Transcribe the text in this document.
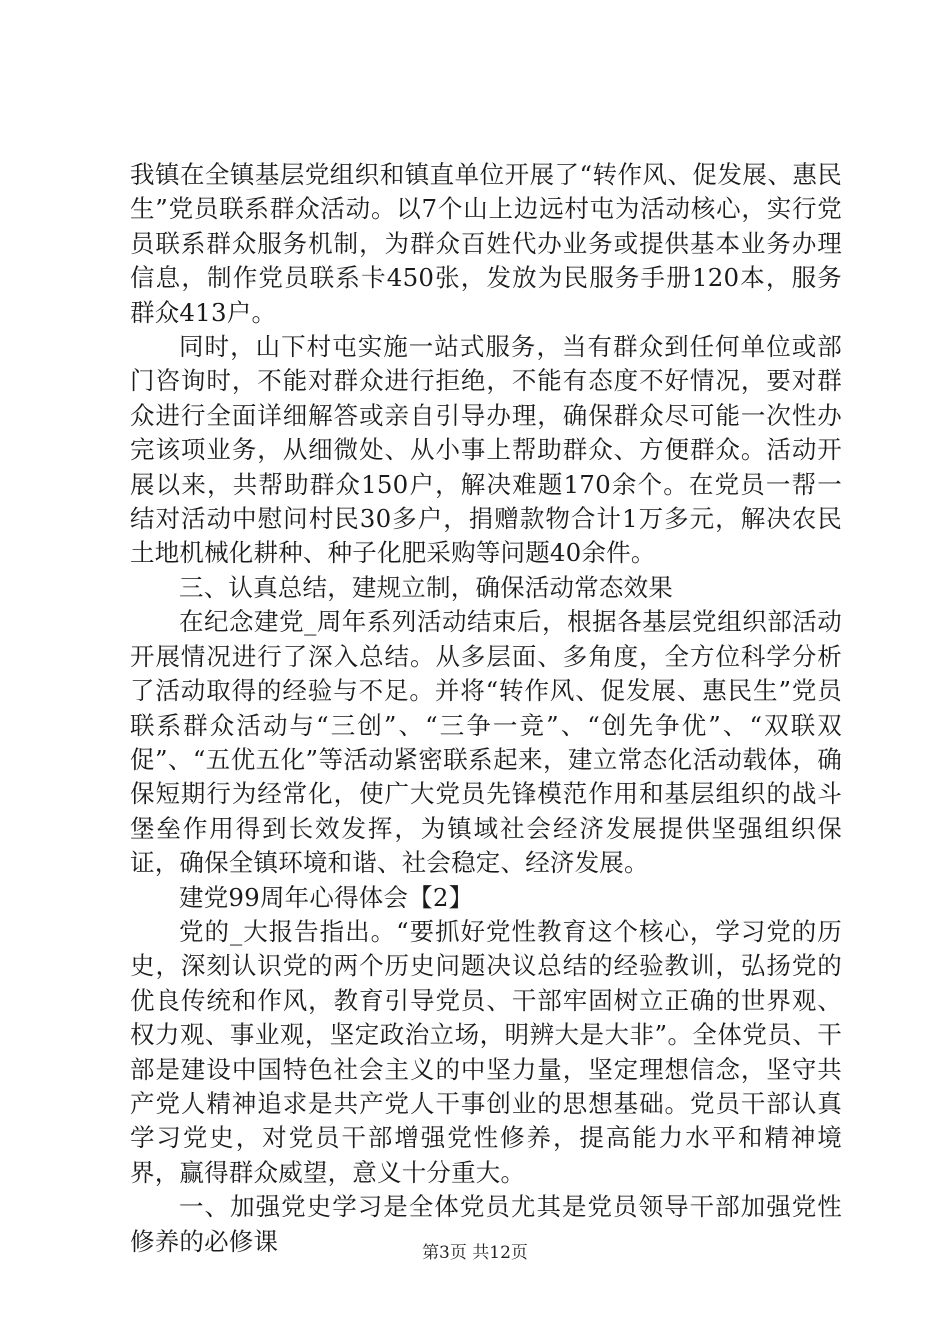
我镇在全镇基层党组织和镇直单位开展了“转作风、促发展、惠民生”党员联系群众活动。以7个山上边远村屯为活动核心，实行党员联系群众服务机制，为群众百姓代办业务或提供基本业务办理信息，制作党员联系卡450张，发放为民服务手册120本，服务群众413户。

同时，山下村屯实施一站式服务，当有群众到任何单位或部门咨询时，不能对群众进行拒绝，不能有态度不好情况，要对群众进行全面详细解答或亲自引导办理，确保群众尽可能一次性办完该项业务，从细微处、从小事上帮助群众、方便群众。活动开展以来，共帮助群众150户，解决难题170余个。在党员一帮一结对活动中慰问村民30多户，捐赠款物合计1万多元，解决农民土地机械化耕种、种子化肥采购等问题40余件。

三、认真总结，建规立制，确保活动常态效果

在纪念建党_周年系列活动结束后，根据各基层党组织部活动开展情况进行了深入总结。从多层面、多角度，全方位科学分析了活动取得的经验与不足。并将“转作风、促发展、惠民生”党员联系群众活动与“三创”、“三争一竞”、“创先争优”、“双联双促”、“五优五化”等活动紧密联系起来，建立常态化活动载体，确保短期行为经常化，使广大党员先锋模范作用和基层组织的战斗堡垒作用得到长效发挥，为镇域社会经济发展提供坚强组织保证，确保全镇环境和谐、社会稳定、经济发展。

建党99周年心得体会【2】

党的_大报告指出。“要抓好党性教育这个核心，学习党的历史，深刻认识党的两个历史问题决议总结的经验教训，弘扬党的优良传统和作风，教育引导党员、干部牢固树立正确的世界观、权力观、事业观，坚定政治立场，明辨大是大非”。全体党员、干部是建设中国特色社会主义的中坚力量，坚定理想信念，坚守共产党人精神追求是共产党人干事创业的思想基础。党员干部认真学习党史，对党员干部增强党性修养，提高能力水平和精神境界，赢得群众威望，意义十分重大。

一、加强党史学习是全体党员尤其是党员领导干部加强党性修养的必修课	第3页 共12页
